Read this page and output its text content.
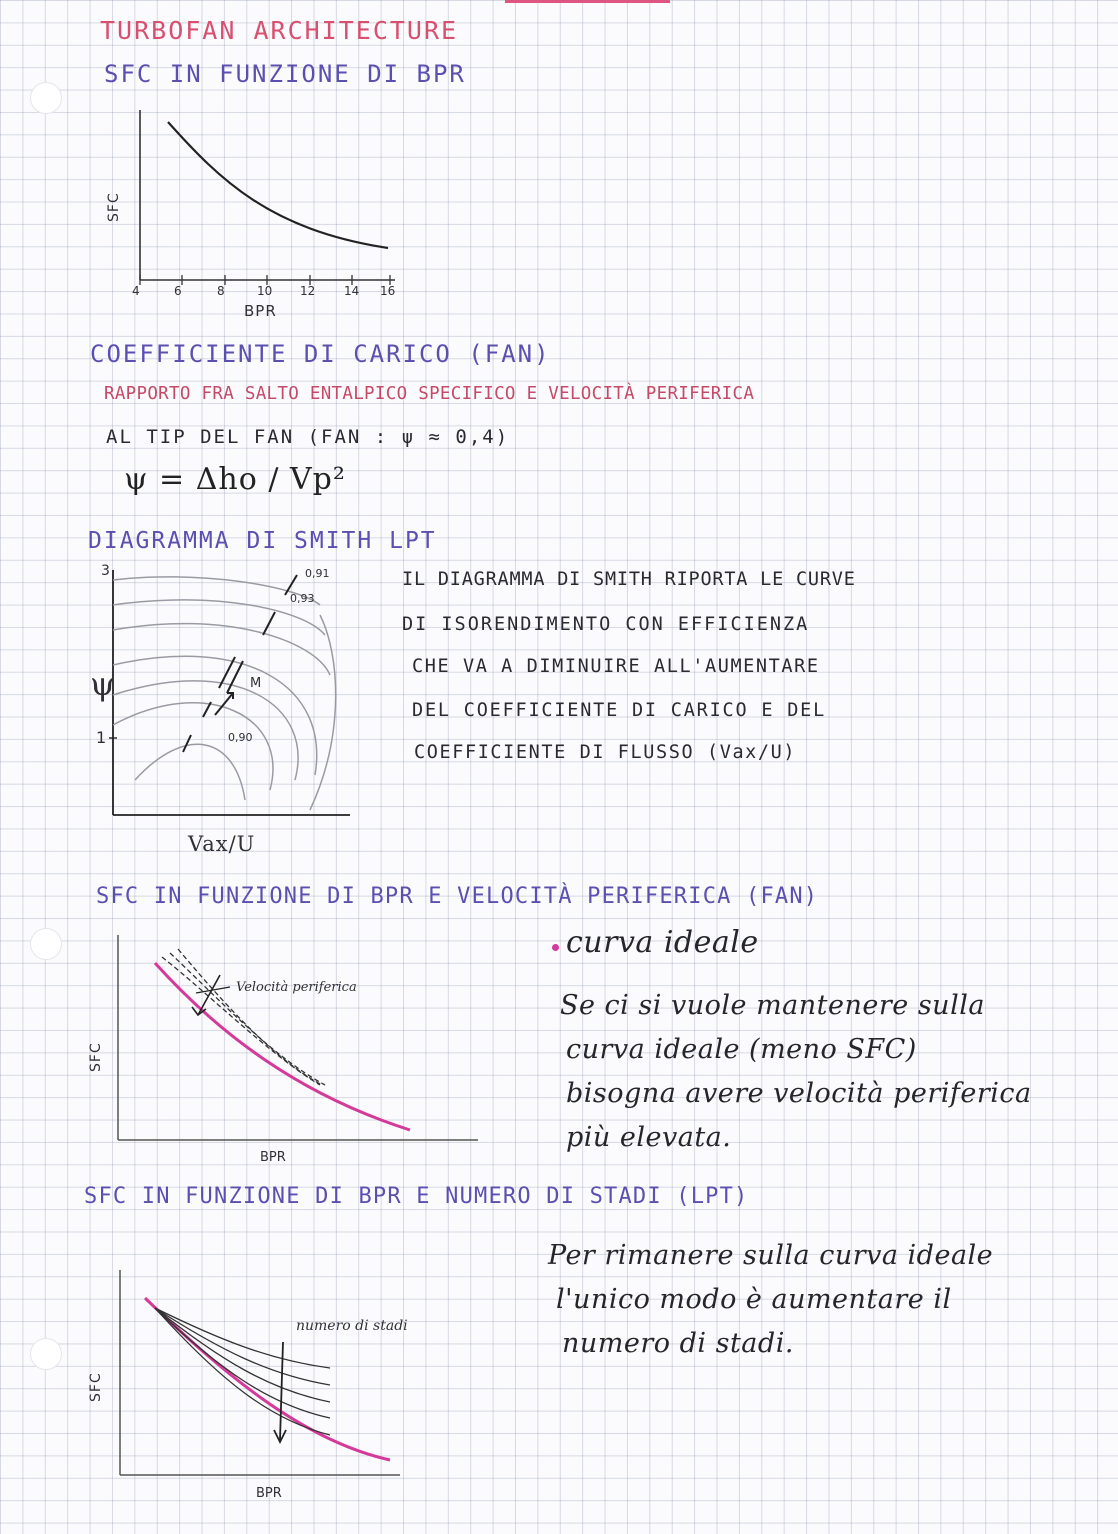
TURBOFAN ARCHITECTURE

SFC IN FUNZIONE DI BPR

SFC

4	6	8	10 12 14 16

BPR

COEFFICIENTE DI CARICO (FAN)

RAPPORTO FRA SALTO ENTALPICO SPECIFICO E VELOCITÀ PERIFERICA

AL TIP DEL FAN (FAN : ψ ≈ 0,4)

ψ = Δho / Vp²

DIAGRAMMA DI SMITH LPT

3

1

ψ

Vax/U

0,91

0,93

0,90

M

IL DIAGRAMMA DI SMITH RIPORTA LE CURVE

DI ISORENDIMENTO CON EFFICIENZA

CHE VA A DIMINUIRE ALL'AUMENTARE

DEL COEFFICIENTE DI CARICO E DEL

COEFFICIENTE DI FLUSSO (Vax/U)

SFC IN FUNZIONE DI BPR E VELOCITÀ PERIFERICA (FAN)

SFC

BPR

Velocità periferica

curva ideale

Se ci si vuole mantenere sulla

curva ideale (meno SFC)

bisogna avere velocità periferica

più elevata.

SFC IN FUNZIONE DI BPR E NUMERO DI STADI (LPT)

SFC

BPR

numero di stadi

Per rimanere sulla curva ideale

l'unico modo è aumentare il

numero di stadi.
